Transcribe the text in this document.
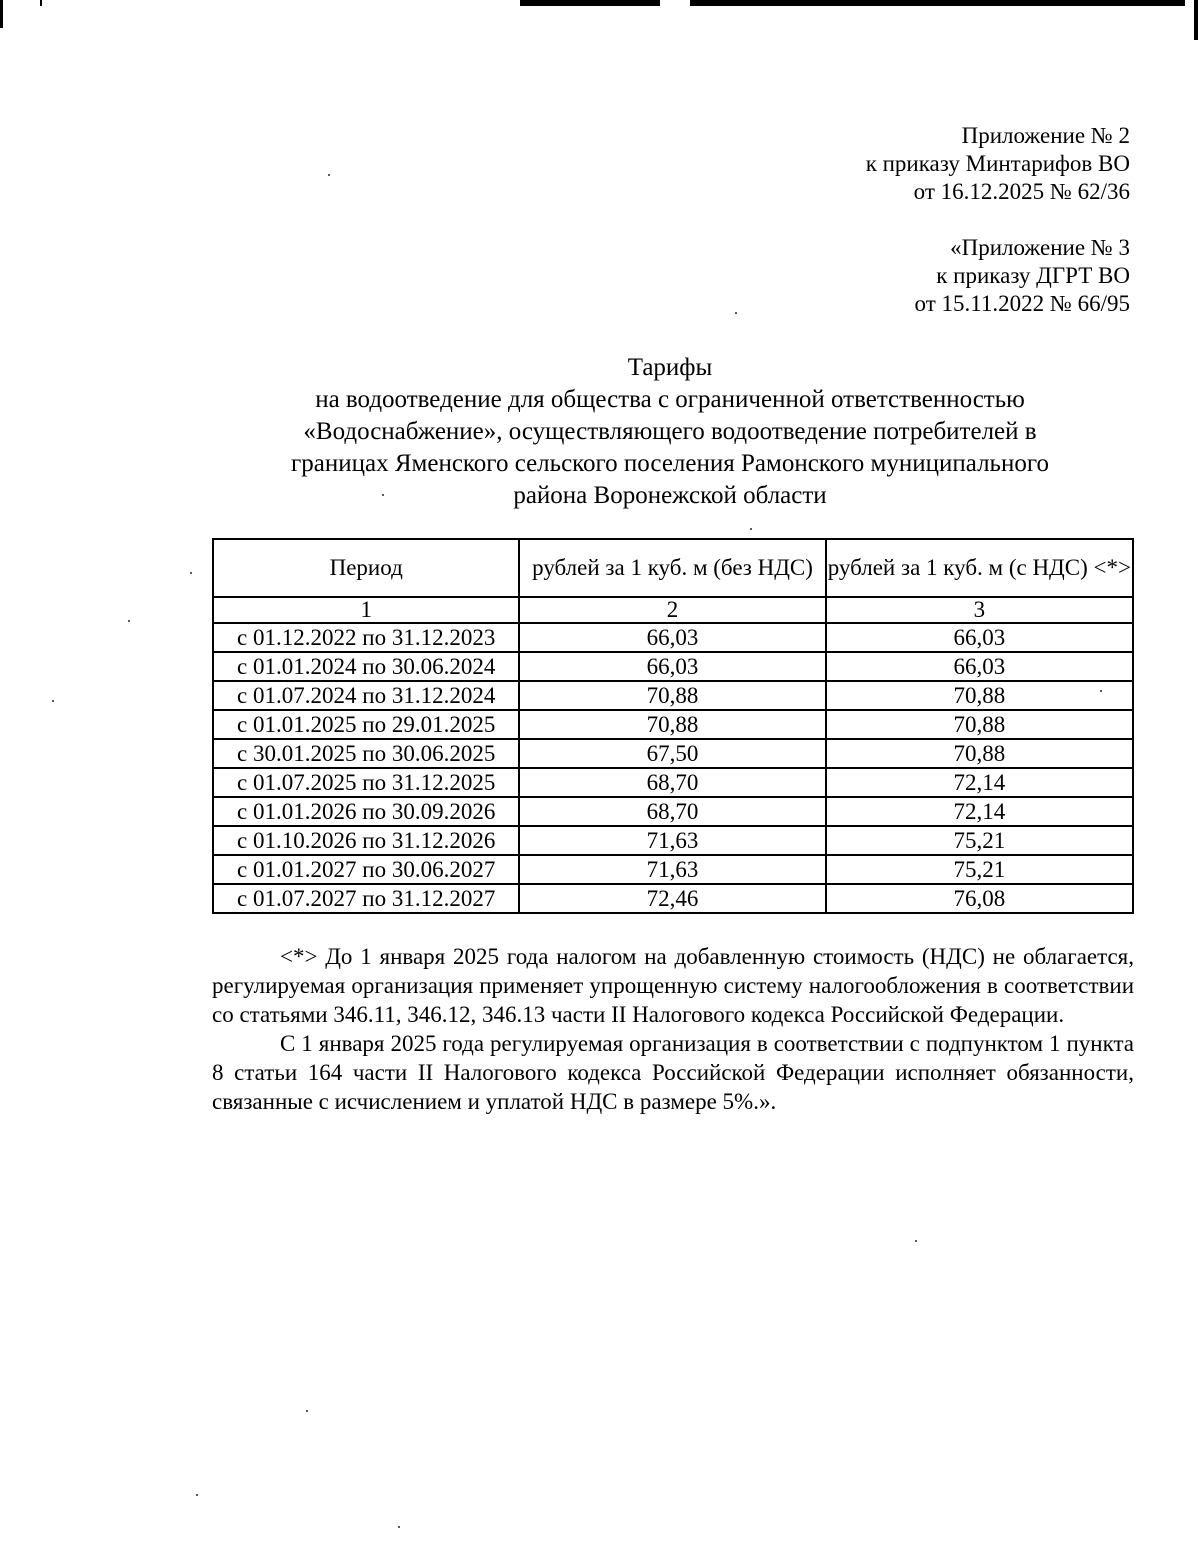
Приложение № 2
к приказу Минтарифов ВО
от 16.12.2025 № 62/36
«Приложение № 3
к приказу ДГРТ ВО
от 15.11.2022 № 66/95
Тарифы
на водоотведение для общества с ограниченной ответственностью
«Водоснабжение», осуществляющего водоотведение потребителей в
границах Яменского сельского поселения Рамонского муниципального
района Воронежской области
Период	рублей за 1 куб. м (без НДС)	рублей за 1 куб. м (с НДС) <*>
1	2	3
с 01.12.2022 по 31.12.2023	66,03	66,03
с 01.01.2024 по 30.06.2024	66,03	66,03
с 01.07.2024 по 31.12.2024	70,88	70,88
с 01.01.2025 по 29.01.2025	70,88	70,88
с 30.01.2025 по 30.06.2025	67,50	70,88
с 01.07.2025 по 31.12.2025	68,70	72,14
с 01.01.2026 по 30.09.2026	68,70	72,14
с 01.10.2026 по 31.12.2026	71,63	75,21
с 01.01.2027 по 30.06.2027	71,63	75,21
с 01.07.2027 по 31.12.2027	72,46	76,08

<*> До 1 января 2025 года налогом на добавленную стоимость (НДС) не облагается, регулируемая организация применяет упрощенную систему налогообложения в соответствии со статьями 346.11, 346.12, 346.13 части II Налогового кодекса Российской Федерации.

С 1 января 2025 года регулируемая организация в соответствии с подпунктом 1 пункта 8 статьи 164 части II Налогового кодекса Российской Федерации исполняет обязанности, связанные с исчислением и уплатой НДС в размере 5%.».
